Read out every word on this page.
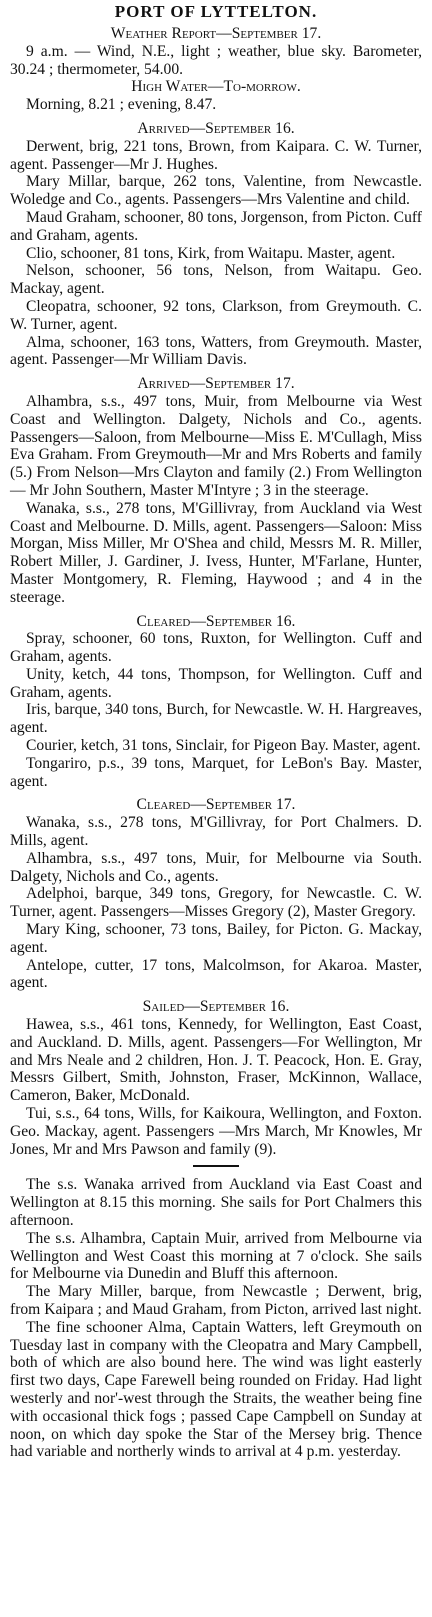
PORT OF LYTTELTON.
Weather Report—September 17.

9 a.m. — Wind, N.E., light ; weather, blue sky. Barometer, 30.24 ; thermometer, 54.00.

High Water—To-morrow.

Morning, 8.21 ; evening, 8.47.

Arrived—September 16.

Derwent, brig, 221 tons, Brown, from Kaipara. C. W. Turner, agent. Passenger—Mr J. Hughes.

Mary Millar, barque, 262 tons, Valentine, from Newcastle. Woledge and Co., agents. Passengers—Mrs Valentine and child.

Maud Graham, schooner, 80 tons, Jorgenson, from Picton. Cuff and Graham, agents.

Clio, schooner, 81 tons, Kirk, from Waitapu. Master, agent.

Nelson, schooner, 56 tons, Nelson, from Waitapu. Geo. Mackay, agent.

Cleopatra, schooner, 92 tons, Clarkson, from Greymouth. C. W. Turner, agent.

Alma, schooner, 163 tons, Watters, from Greymouth. Master, agent. Passenger—Mr William Davis.

Arrived—September 17.

Alhambra, s.s., 497 tons, Muir, from Melbourne via West Coast and Wellington. Dalgety, Nichols and Co., agents. Passengers—Saloon, from Melbourne—Miss E. M'Cullagh, Miss Eva Graham. From Greymouth—Mr and Mrs Roberts and family (5.) From Nelson—Mrs Clayton and family (2.) From Wellington — Mr John Southern, Master M'Intyre ; 3 in the steerage.

Wanaka, s.s., 278 tons, M'Gillivray, from Auckland via West Coast and Melbourne. D. Mills, agent. Passengers—Saloon: Miss Morgan, Miss Miller, Mr O'Shea and child, Messrs M. R. Miller, Robert Miller, J. Gardiner, J. Ivess, Hunter, M'Farlane, Hunter, Master Montgomery, R. Fleming, Haywood ; and 4 in the steerage.

Cleared—September 16.

Spray, schooner, 60 tons, Ruxton, for Wellington. Cuff and Graham, agents.

Unity, ketch, 44 tons, Thompson, for Wellington. Cuff and Graham, agents.

Iris, barque, 340 tons, Burch, for Newcastle. W. H. Hargreaves, agent.

Courier, ketch, 31 tons, Sinclair, for Pigeon Bay. Master, agent.

Tongariro, p.s., 39 tons, Marquet, for LeBon's Bay. Master, agent.

Cleared—September 17.

Wanaka, s.s., 278 tons, M'Gillivray, for Port Chalmers. D. Mills, agent.

Alhambra, s.s., 497 tons, Muir, for Melbourne via South. Dalgety, Nichols and Co., agents.

Adelphoi, barque, 349 tons, Gregory, for Newcastle. C. W. Turner, agent. Passengers—Misses Gregory (2), Master Gregory.

Mary King, schooner, 73 tons, Bailey, for Picton. G. Mackay, agent.

Antelope, cutter, 17 tons, Malcolmson, for Akaroa. Master, agent.

Sailed—September 16.

Hawea, s.s., 461 tons, Kennedy, for Wellington, East Coast, and Auckland. D. Mills, agent. Passengers—For Wellington, Mr and Mrs Neale and 2 children, Hon. J. T. Peacock, Hon. E. Gray, Messrs Gilbert, Smith, Johnston, Fraser, McKinnon, Wallace, Cameron, Baker, McDonald.

Tui, s.s., 64 tons, Wills, for Kaikoura, Wellington, and Foxton. Geo. Mackay, agent. Passengers —Mrs March, Mr Knowles, Mr Jones, Mr and Mrs Pawson and family (9).

The s.s. Wanaka arrived from Auckland via East Coast and Wellington at 8.15 this morning. She sails for Port Chalmers this afternoon.

The s.s. Alhambra, Captain Muir, arrived from Melbourne via Wellington and West Coast this morning at 7 o'clock. She sails for Melbourne via Dunedin and Bluff this afternoon.

The Mary Miller, barque, from Newcastle ; Derwent, brig, from Kaipara ; and Maud Graham, from Picton, arrived last night.

The fine schooner Alma, Captain Watters, left Greymouth on Tuesday last in company with the Cleopatra and Mary Campbell, both of which are also bound here. The wind was light easterly first two days, Cape Farewell being rounded on Friday. Had light westerly and nor'-west through the Straits, the weather being fine with occasional thick fogs ; passed Cape Campbell on Sunday at noon, on which day spoke the Star of the Mersey brig. Thence had variable and northerly winds to arrival at 4 p.m. yesterday.
